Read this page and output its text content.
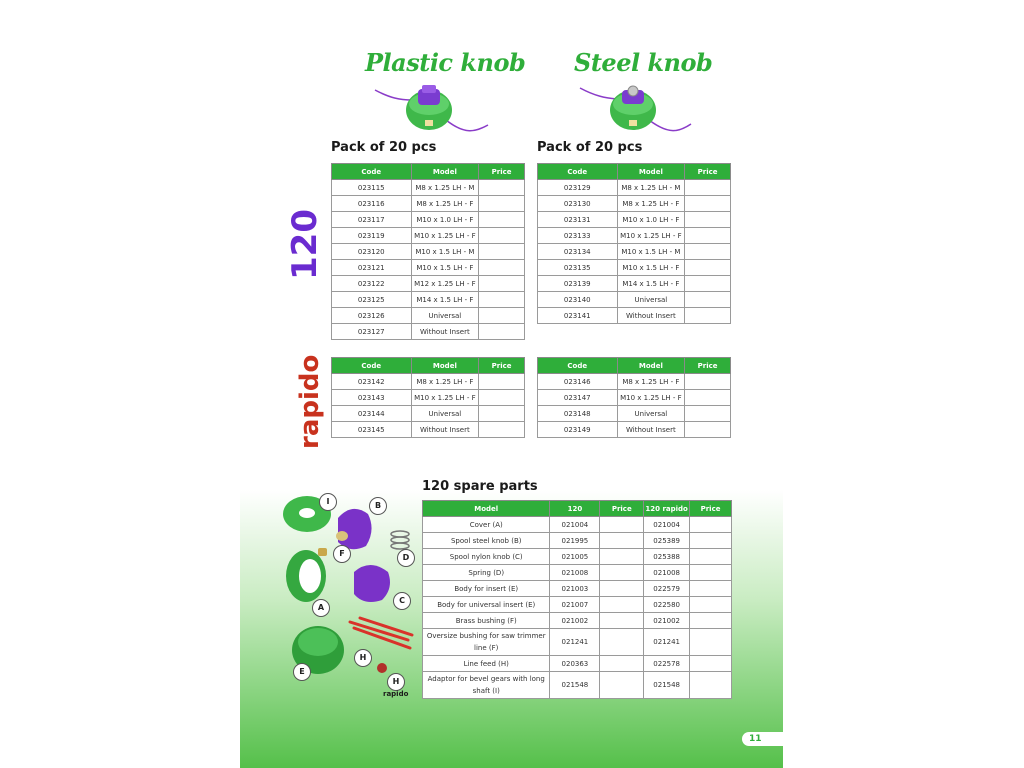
Plastic knob Steel knob
Pack of 20 pcs	Pack of 20 pcs
120
rapido
Code	Model	Price
023115	M8 x 1.25 LH - M	
023116	M8 x 1.25 LH - F	
023117	M10 x 1.0 LH - F	
023119	M10 x 1.25 LH - F	
023120	M10 x 1.5 LH - M	
023121	M10 x 1.5 LH - F	
023122	M12 x 1.25 LH - F	
023125	M14 x 1.5 LH - F	
023126	Universal	
023127	Without Insert	
Code	Model	Price
023129	M8 x 1.25 LH - M	
023130	M8 x 1.25 LH - F	
023131	M10 x 1.0 LH - F	
023133	M10 x 1.25 LH - F	
023134	M10 x 1.5 LH - M	
023135	M10 x 1.5 LH - F	
023139	M14 x 1.5 LH - F	
023140	Universal	
023141	Without Insert	
Code	Model	Price
023142	M8 x 1.25 LH - F	
023143	M10 x 1.25 LH - F	
023144	Universal	
023145	Without Insert	
Code	Model	Price
023146	M8 x 1.25 LH - F	
023147	M10 x 1.25 LH - F	
023148	Universal	
023149	Without Insert	
120 spare parts
Model	120	Price	120 rapido	Price
Cover (A)	021004		021004	
Spool steel knob (B)	021995		025389	
Spool nylon knob (C)	021005		025388	
Spring (D)	021008		021008	
Body for insert (E)	021003		022579	
Body for universal insert (E)	021007		022580	
Brass bushing (F)	021002		021002	
Oversize bushing for saw trimmer line (F)	021241		021241	
Line feed (H)	020363		022578	
Adaptor for bevel gears with long shaft (I)	021548		021548	
I	B
F	D
A
C
H
E
H
rapido
11
